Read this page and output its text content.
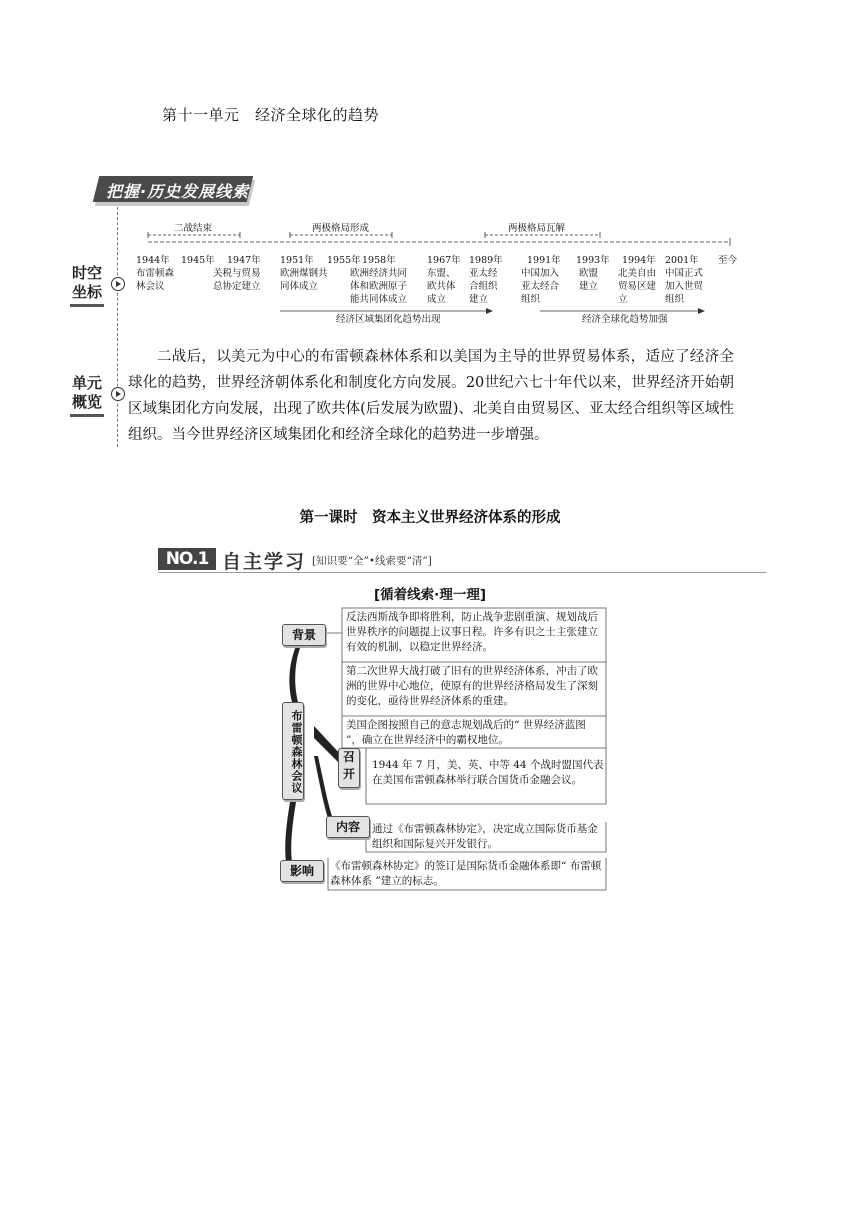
第十一单元　经济全球化的趋势
把握·历史发展线索
时空
坐标
单元
概览
二战结束	两极格局形成	两极格局瓦解
至今
1944年
布雷顿森林会议
1945年	1947年
关税与贸易总协定建立
1951年
欧洲煤钢共同体成立
1955年 1958年
欧洲经济共同体和欧洲原子能共同体成立
1967年
东盟、欧共体成立
1989年
亚太经合组织建立
1991年
中国加入亚太经合组织
1993年
欧盟建立
1994年
北美自由贸易区建立
2001年
中国正式加入世贸组织
经济区域集团化趋势出现	经济全球化趋势加强
二战后，以美元为中心的布雷顿森林体系和以美国为主导的世界贸易体系，适应了经济全球化的趋势，世界经济朝体系化和制度化方向发展。20世纪六七十年代以来，世界经济开始朝区域集团化方向发展，出现了欧共体(后发展为欧盟)、北美自由贸易区、亚太经合组织等区域性组织。当今世界经济区域集团化和经济全球化的趋势进一步增强。
第一课时　资本主义世界经济体系的形成
NO.1 自主学习 [知识要“全”•线索要“清”]
[循着线索·理一理]
背景
布雷顿森林会议	召开
内容
影响
反法西斯战争即将胜利，防止战争悲剧重演、规划战后世界秩序的问题提上议事日程。许多有识之士主张建立有效的机制，以稳定世界经济。
第二次世界大战打破了旧有的世界经济体系，冲击了欧洲的世界中心地位，使原有的世界经济格局发生了深刻的变化，亟待世界经济体系的重建。
美国企图按照自己的意志规划战后的“ 世界经济蓝图 ”，确立在世界经济中的霸权地位。
1944 年 7 月，美、英、中等 44 个战时盟国代表在美国布雷顿森林举行联合国货币金融会议。
通过《布雷顿森林协定》，决定成立国际货币基金组织和国际复兴开发银行。
《布雷顿森林协定》的签订是国际货币金融体系即“ 布雷顿森林体系 ”建立的标志。
